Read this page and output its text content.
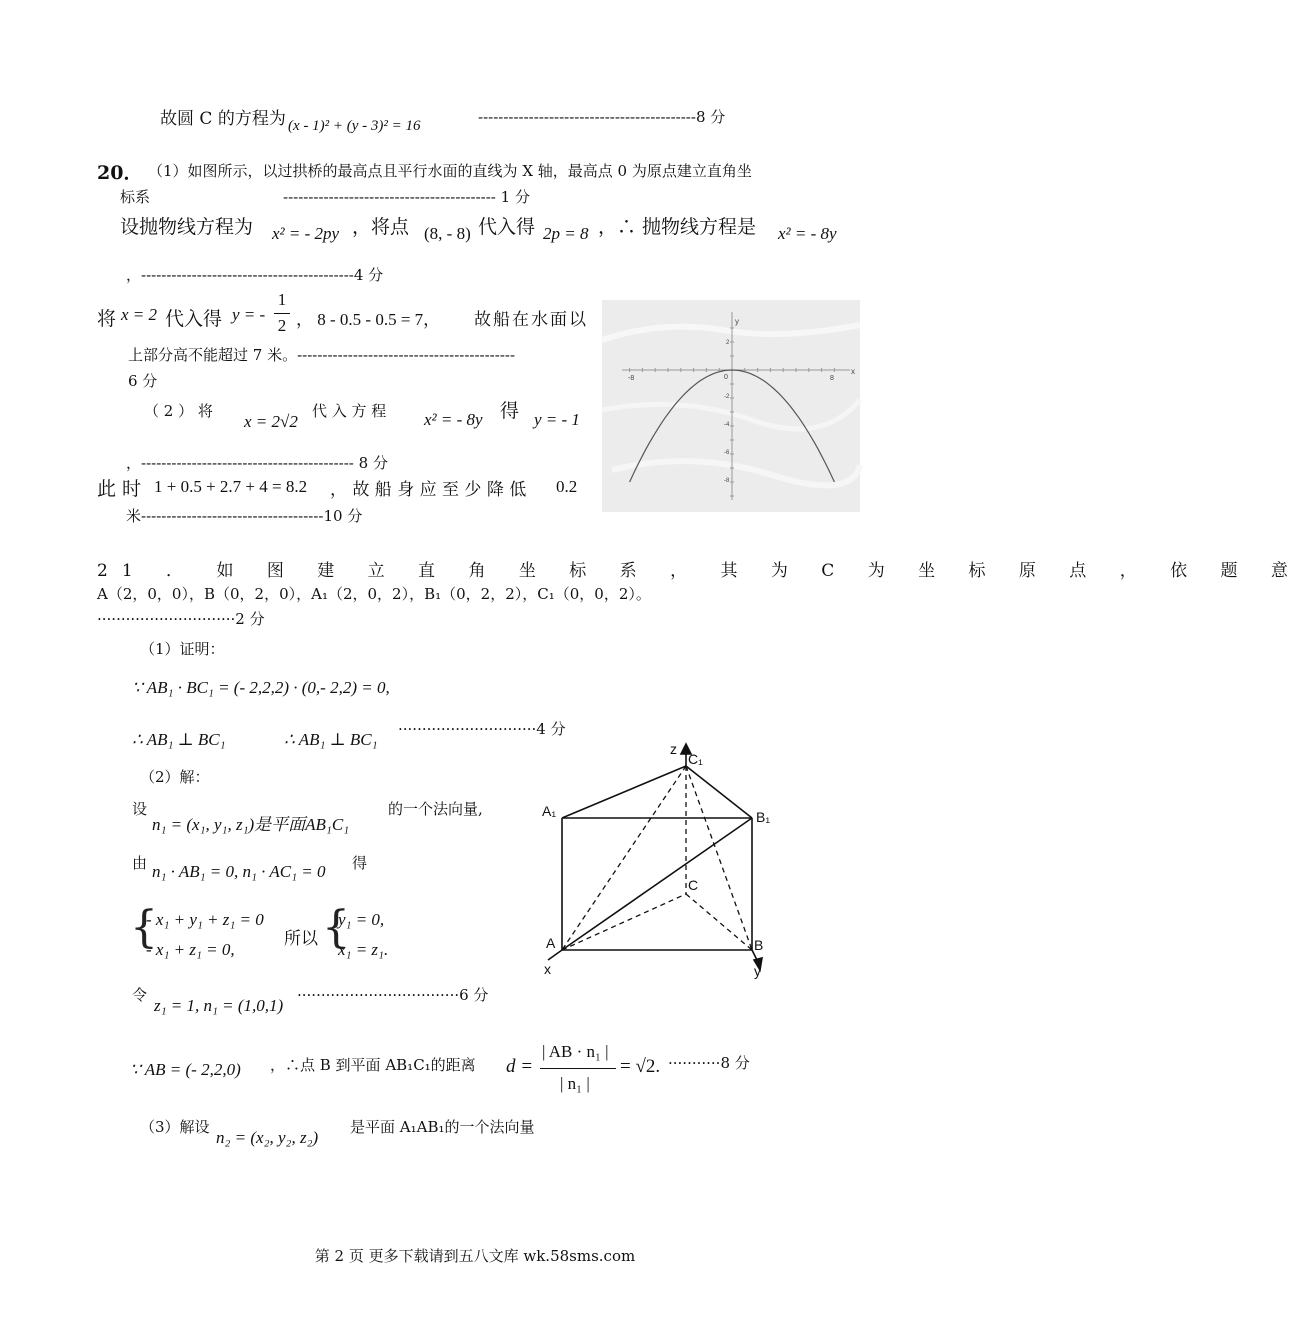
故圆 C 的方程为 (x - 1)² + (y - 3)² = 16	-------------------------------------------8 分
20． （1）如图所示，以过拱桥的最高点且平行水面的直线为 X 轴，最高点 0 为原点建立直角坐
标系	------------------------------------------ 1 分
设抛物线方程为 x² = - 2py ，将点 (8, - 8) 代入得 2p = 8 ，∴ 抛物线方程是 x² = - 8y
，------------------------------------------4 分
将 x = 2 代入得 y = -
1
2 ， 8 - 0.5 - 0.5 = 7， 故船在水面以
上部分高不能超过 7 米。-------------------------------------------
6 分
（ 2 ） 将
x = 2√2
代 入 方 程 x² = - 8y 得 y = - 1
，------------------------------------------ 8 分
此 时 1 + 0.5 + 2.7 + 4 = 8.2 ， 故 船 身 应 至 少 降 低 0.2
米------------------------------------10 分
x
y
0
-8	8
2
-2
-4
-6
-8
21 ． 如 图 建 立 直 角 坐 标 系 ， 其 为 C 为 坐 标 原 点 ， 依 题 意
A（2，0，0），B（0，2，0），A₁（2，0，2），B₁（0，2，2），C₁（0，0，2）。
·····························2 分
（1）证明：
∵ AB₁ · BC₁ = (- 2,2,2) · (0,- 2,2) = 0,
∴ AB₁ ⊥ BC₁	∴ AB₁ ⊥ BC₁
·····························4 分
（2）解：
设
n₁ = (x₁, y₁, z₁)是平面AB₁C₁
的一个法向量,
由 n₁ · AB₁ = 0, n₁ · AC₁ = 0 得
{
- x₁ + y₁ + z₁ = 0
- x₁ + z₁ = 0,
所以 {
y₁ = 0,
x₁ = z₁.
令
z₁ = 1, n₁ = (1,0,1)
··································6 分
∵ AB = (- 2,2,0) ，∴点 B 到平面 AB₁C₁的距离 d =
| AB · n₁ |
| n₁ |
= √2. ···········8 分
（3）解设
n₂ = (x₂, y₂, z₂)
是平面 A₁AB₁的一个法向量
z
C₁
A₁	B₁
C
A	B
x	y
第 2 页 更多下载请到五八文库 wk.58sms.com
